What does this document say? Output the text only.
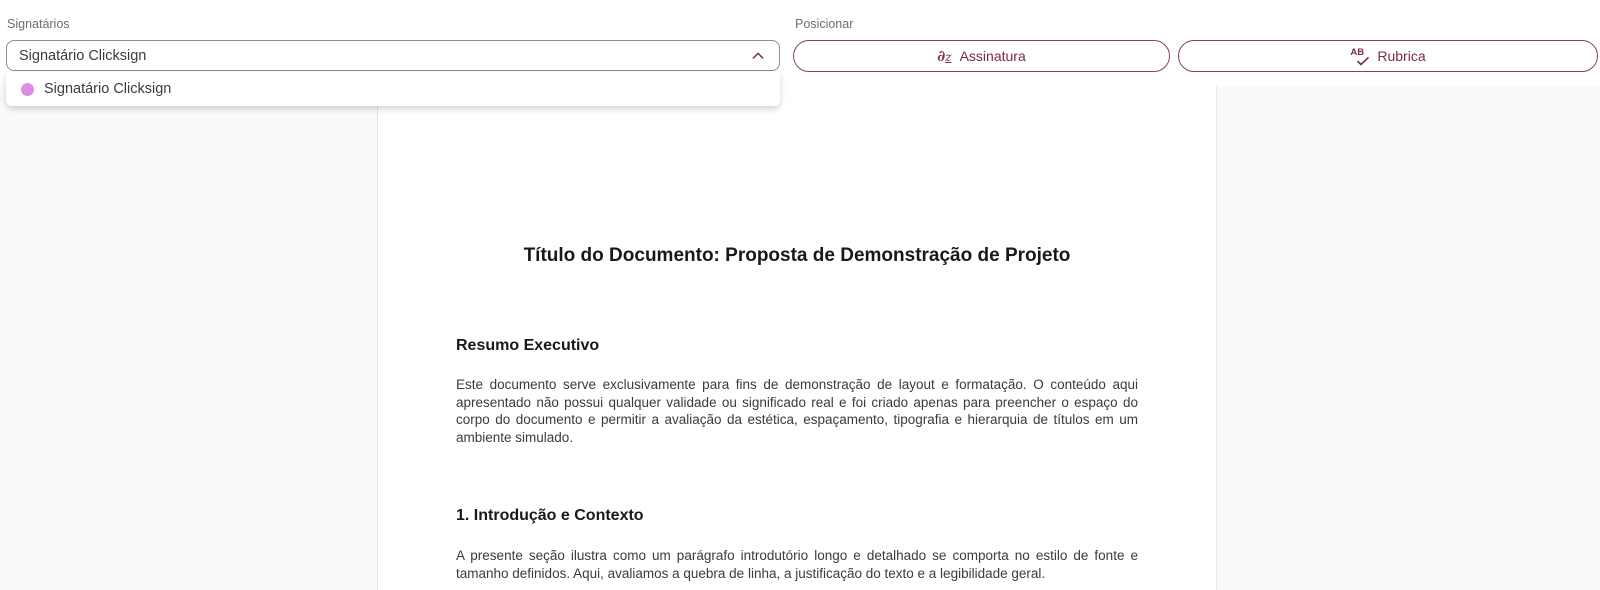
Título do Documento: Proposta de Demonstração de Projeto
Resumo Executivo

Este documento serve exclusivamente para fins de demonstração de layout e formatação. O conteúdo aqui apresentado não possui qualquer validade ou significado real e foi criado apenas para preencher o espaço do corpo do documento e permitir a avaliação da estética, espaçamento, tipografia e hierarquia de títulos em um ambiente simulado.

1. Introdução e Contexto

A presente seção ilustra como um parágrafo introdutório longo e detalhado se comporta no estilo de fonte e tamanho definidos. Aqui, avaliamos a quebra de linha, a justificação do texto e a legibilidade geral.

Signatários
Signatário Clicksign
Posicionar
∂z Assinatura	AB Rubrica
Signatário Clicksign
